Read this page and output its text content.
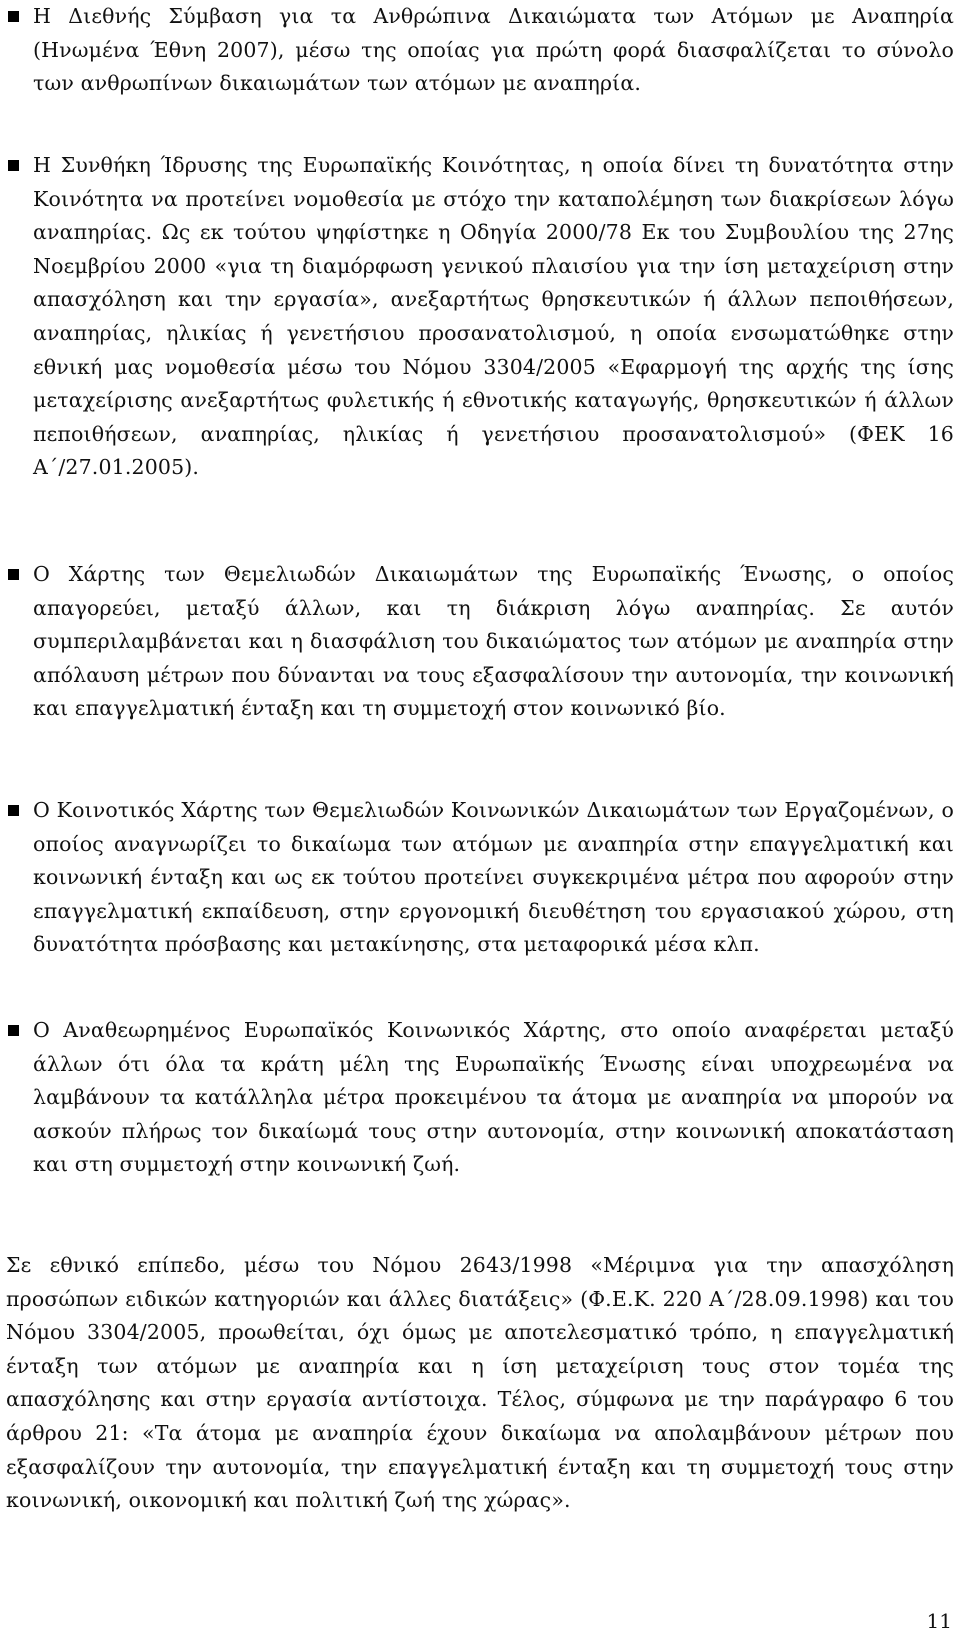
Η Διεθνής Σύμβαση για τα Ανθρώπινα Δικαιώματα των Ατόμων με Αναπηρία (Ηνωμένα Έθνη 2007), μέσω της οποίας για πρώτη φορά διασφαλίζεται το σύνολο των ανθρωπίνων δικαιωμάτων των ατόμων με αναπηρία.

Η Συνθήκη Ίδρυσης της Ευρωπαϊκής Κοινότητας, η οποία δίνει τη δυνατότητα στην Κοινότητα να προτείνει νομοθεσία με στόχο την καταπολέμηση των διακρίσεων λόγω αναπηρίας. Ως εκ τούτου ψηφίστηκε η Οδηγία 2000/78 Εκ του Συμβουλίου της 27ης Νοεμβρίου 2000 «για τη διαμόρφωση γενικού πλαισίου για την ίση μεταχείριση στην απασχόληση και την εργασία», ανεξαρτήτως θρησκευτικών ή άλλων πεποιθήσεων, αναπηρίας, ηλικίας ή γενετήσιου προσανατολισμού, η οποία ενσωματώθηκε στην εθνική μας νομοθεσία μέσω του Νόμου 3304/2005 «Εφαρμογή της αρχής της ίσης μεταχείρισης ανεξαρτήτως φυλετικής ή εθνοτικής καταγωγής, θρησκευτικών ή άλλων πεποιθήσεων, αναπηρίας, ηλικίας ή γενετήσιου προσανατολισμού» (ΦΕΚ 16 Α΄/27.01.2005).

Ο Χάρτης των Θεμελιωδών Δικαιωμάτων της Ευρωπαϊκής Ένωσης, ο οποίος απαγορεύει, μεταξύ άλλων, και τη διάκριση λόγω αναπηρίας. Σε αυτόν συμπεριλαμβάνεται και η διασφάλιση του δικαιώματος των ατόμων με αναπηρία στην απόλαυση μέτρων που δύνανται να τους εξασφαλίσουν την αυτονομία, την κοινωνική και επαγγελματική ένταξη και τη συμμετοχή στον κοινωνικό βίο.

Ο Κοινοτικός Χάρτης των Θεμελιωδών Κοινωνικών Δικαιωμάτων των Εργαζομένων, ο οποίος αναγνωρίζει το δικαίωμα των ατόμων με αναπηρία στην επαγγελματική και κοινωνική ένταξη και ως εκ τούτου προτείνει συγκεκριμένα μέτρα που αφορούν στην επαγγελματική εκπαίδευση, στην εργονομική διευθέτηση του εργασιακού χώρου, στη δυνατότητα πρόσβασης και μετακίνησης, στα μεταφορικά μέσα κλπ.

Ο Αναθεωρημένος Ευρωπαϊκός Κοινωνικός Χάρτης, στο οποίο αναφέρεται μεταξύ άλλων ότι όλα τα κράτη μέλη της Ευρωπαϊκής Ένωσης είναι υποχρεωμένα να λαμβάνουν τα κατάλληλα μέτρα προκειμένου τα άτομα με αναπηρία να μπορούν να ασκούν πλήρως τον δικαίωμά τους στην αυτονομία, στην κοινωνική αποκατάσταση και στη συμμετοχή στην κοινωνική ζωή.

Σε εθνικό επίπεδο, μέσω του Νόμου 2643/1998 «Μέριμνα για την απασχόληση προσώπων ειδικών κατηγοριών και άλλες διατάξεις» (Φ.Ε.Κ. 220 Α΄/28.09.1998) και του Νόμου 3304/2005, προωθείται, όχι όμως με αποτελεσματικό τρόπο, η επαγγελματική ένταξη των ατόμων με αναπηρία και η ίση μεταχείριση τους στον τομέα της απασχόλησης και στην εργασία αντίστοιχα. Τέλος, σύμφωνα με την παράγραφο 6 του άρθρου 21: «Τα άτομα με αναπηρία έχουν δικαίωμα να απολαμβάνουν μέτρων που εξασφαλίζουν την αυτονομία, την επαγγελματική ένταξη και τη συμμετοχή τους στην κοινωνική, οικονομική και πολιτική ζωή της χώρας».

11
